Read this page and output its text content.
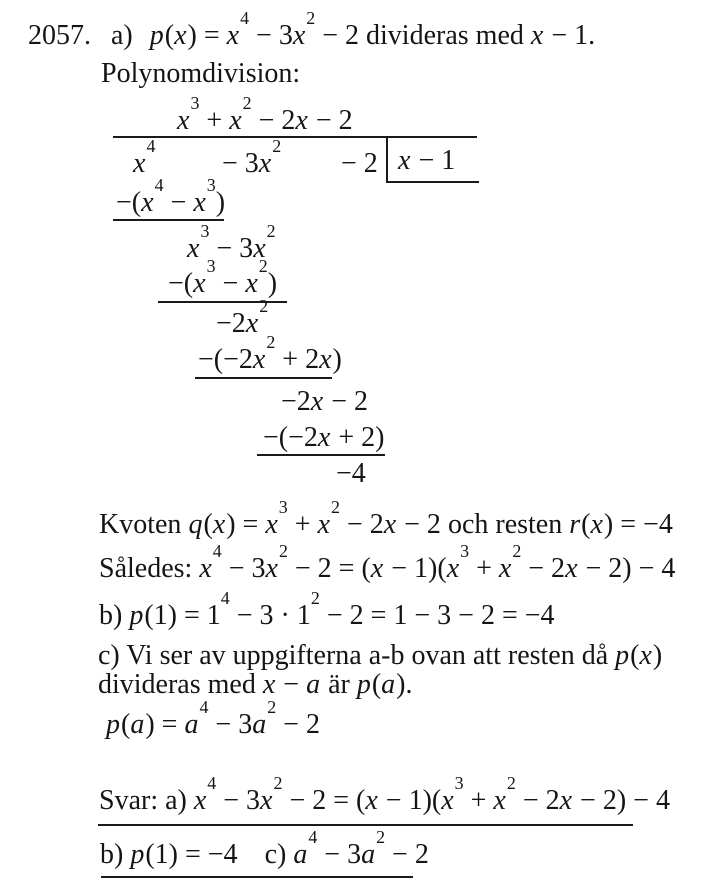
2057. a) $p(x) = x^4 - 3x^2 - 2$ divideras med x − 1.
Polynomdivision:
$x^3 + x^2 - 2x - 2$
$x^4$
− $3x^2$
− 2 x − 1
$-(x^4 - x^3)$
$x^3 - 3x^2$
$-(x^3 - x^2)$
$-2x^2$
$-(-2x^2 + 2x)$
−2x − 2
−(−2x + 2)
−4
Kvoten $q(x) = x^3 + x^2 - 2x - 2$ och resten r(x) = −4
Således: $x^4 - 3x^2 - 2 = (x - 1)(x^3 + x^2 - 2x - 2) - 4$
b) $p(1) = 1^4 - 3 \cdot 1^2 - 2 = 1 - 3 - 2 = -4$
c) Vi ser av uppgifterna a-b ovan att resten då p(x)
divideras med x − a är p(a).
$p(a) = a^4 - 3a^2 - 2$
Svar: a) $x^4 - 3x^2 - 2 = (x - 1)(x^3 + x^2 - 2x - 2) - 4$
b) p(1) = −4 c) $a^4 - 3a^2 - 2$
